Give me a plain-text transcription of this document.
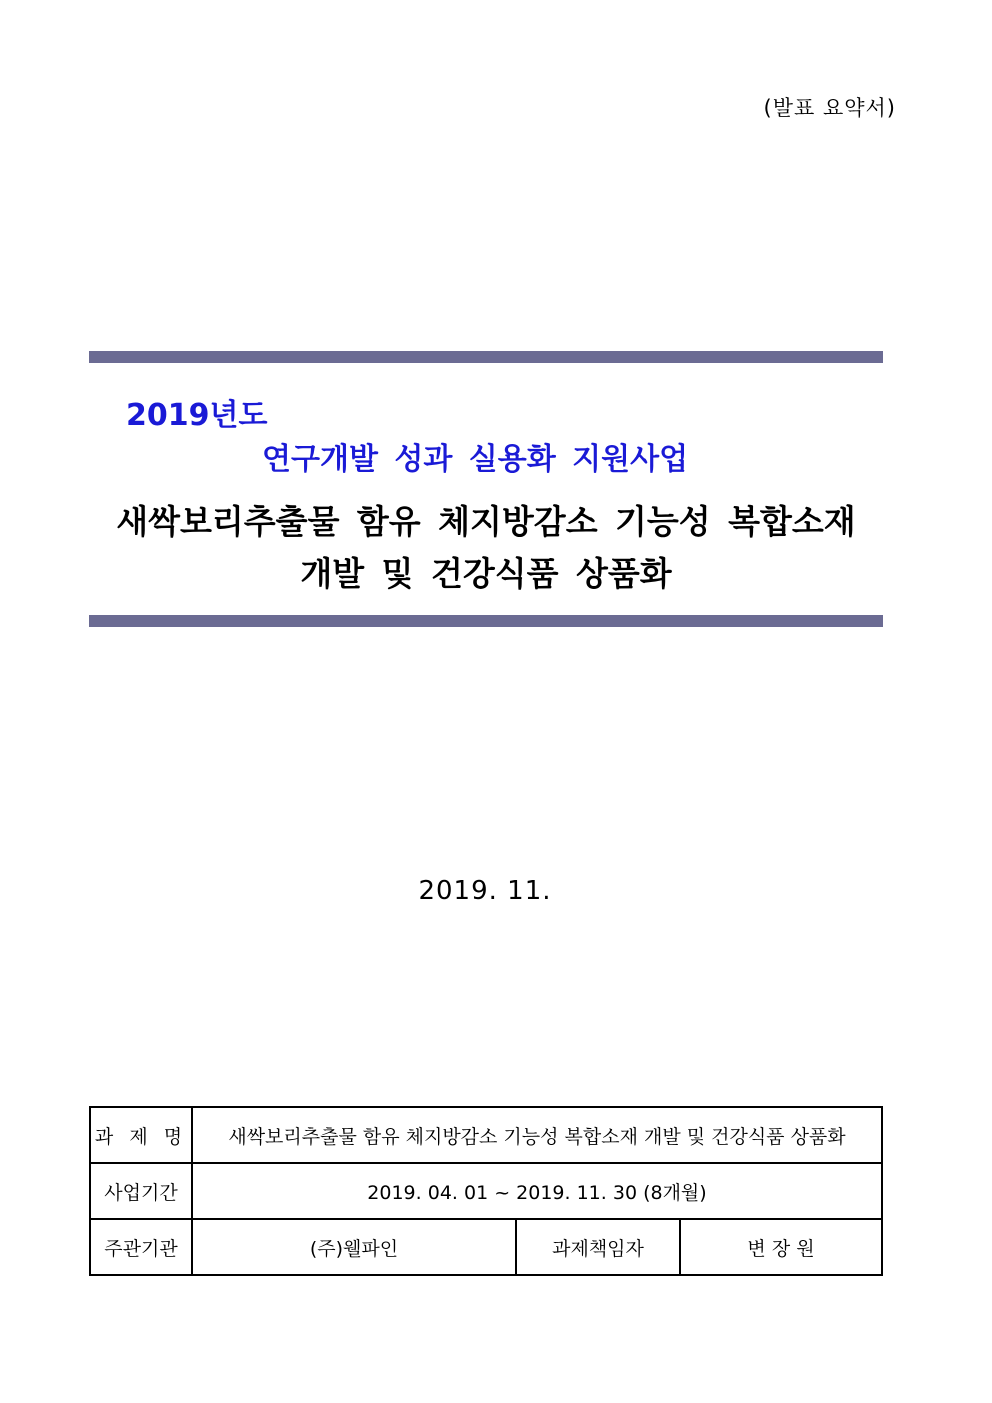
(발표 요약서)
2019년도
연구개발 성과 실용화 지원사업
새싹보리추출물 함유 체지방감소 기능성 복합소재
개발 및 건강식품 상품화
2019. 11.
과 제 명	새싹보리추출물 함유 체지방감소 기능성 복합소재 개발 및 건강식품 상품화		
사업기간	2019. 04. 01 ~ 2019. 11. 30 (8개월)		
주관기관	(주)웰파인	과제책임자	변 장 원
